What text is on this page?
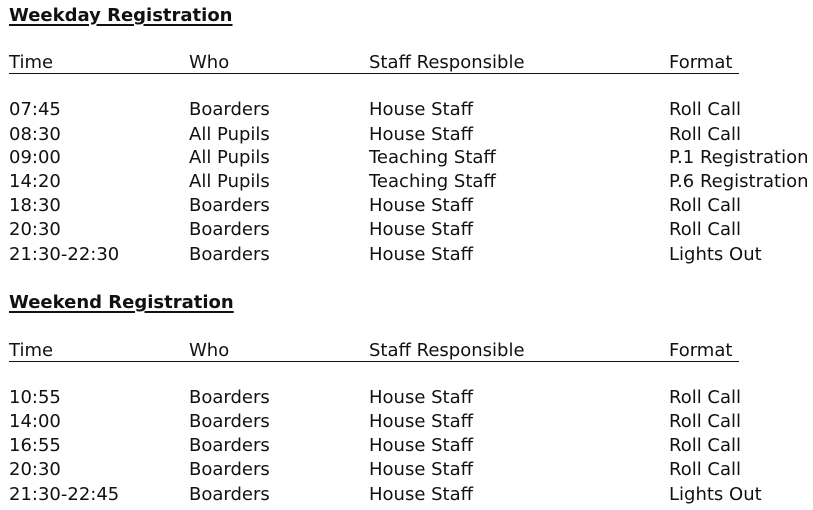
Weekday Registration
Time	Who	Staff Responsible	Format
07:45	Boarders	House Staff	Roll Call
08:30	All Pupils	House Staff	Roll Call
09:00	All Pupils	Teaching Staff	P.1 Registration
14:20	All Pupils	Teaching Staff	P.6 Registration
18:30	Boarders	House Staff	Roll Call
20:30	Boarders	House Staff	Roll Call
21:30-22:30	Boarders	House Staff	Lights Out
Weekend Registration
Time	Who	Staff Responsible	Format
10:55	Boarders	House Staff	Roll Call
14:00	Boarders	House Staff	Roll Call
16:55	Boarders	House Staff	Roll Call
20:30	Boarders	House Staff	Roll Call
21:30-22:45	Boarders	House Staff	Lights Out
